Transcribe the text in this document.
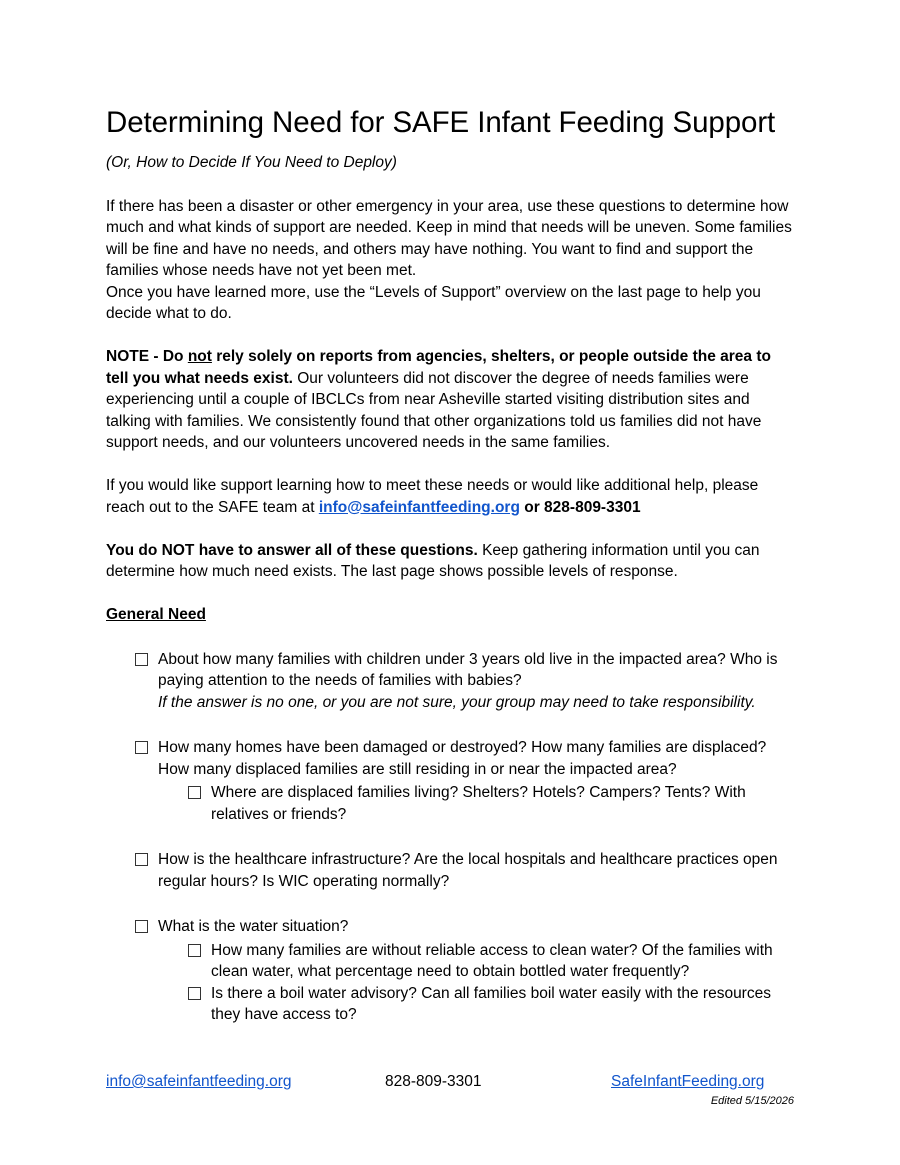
Determining Need for SAFE Infant Feeding Support

(Or, How to Decide If You Need to Deploy)

If there has been a disaster or other emergency in your area, use these questions to determine how much and what kinds of support are needed. Keep in mind that needs will be uneven. Some families will be fine and have no needs, and others may have nothing. You want to find and support the families whose needs have not yet been met.

Once you have learned more, use the “Levels of Support” overview on the last page to help you decide what to do.

NOTE - Do not rely solely on reports from agencies, shelters, or people outside the area to tell you what needs exist. Our volunteers did not discover the degree of needs families were experiencing until a couple of IBCLCs from near Asheville started visiting distribution sites and talking with families. We consistently found that other organizations told us families did not have support needs, and our volunteers uncovered needs in the same families.

If you would like support learning how to meet these needs or would like additional help, please reach out to the SAFE team at info@safeinfantfeeding.org or 828-809-3301

You do NOT have to answer all of these questions. Keep gathering information until you can determine how much need exists. The last page shows possible levels of response.

General Need
About how many families with children under 3 years old live in the impacted area? Who is paying attention to the needs of families with babies?
If the answer is no one, or you are not sure, your group may need to take responsibility.
How many homes have been damaged or destroyed? How many families are displaced? How many displaced families are still residing in or near the impacted area?
Where are displaced families living? Shelters? Hotels? Campers? Tents? With relatives or friends?
How is the healthcare infrastructure? Are the local hospitals and healthcare practices open regular hours? Is WIC operating normally?
What is the water situation?
How many families are without reliable access to clean water? Of the families with clean water, what percentage need to obtain bottled water frequently?
Is there a boil water advisory? Can all families boil water easily with the resources they have access to?
info@safeinfantfeeding.org	828-809-3301	SafeInfantFeeding.org
Edited 5/15/2026
